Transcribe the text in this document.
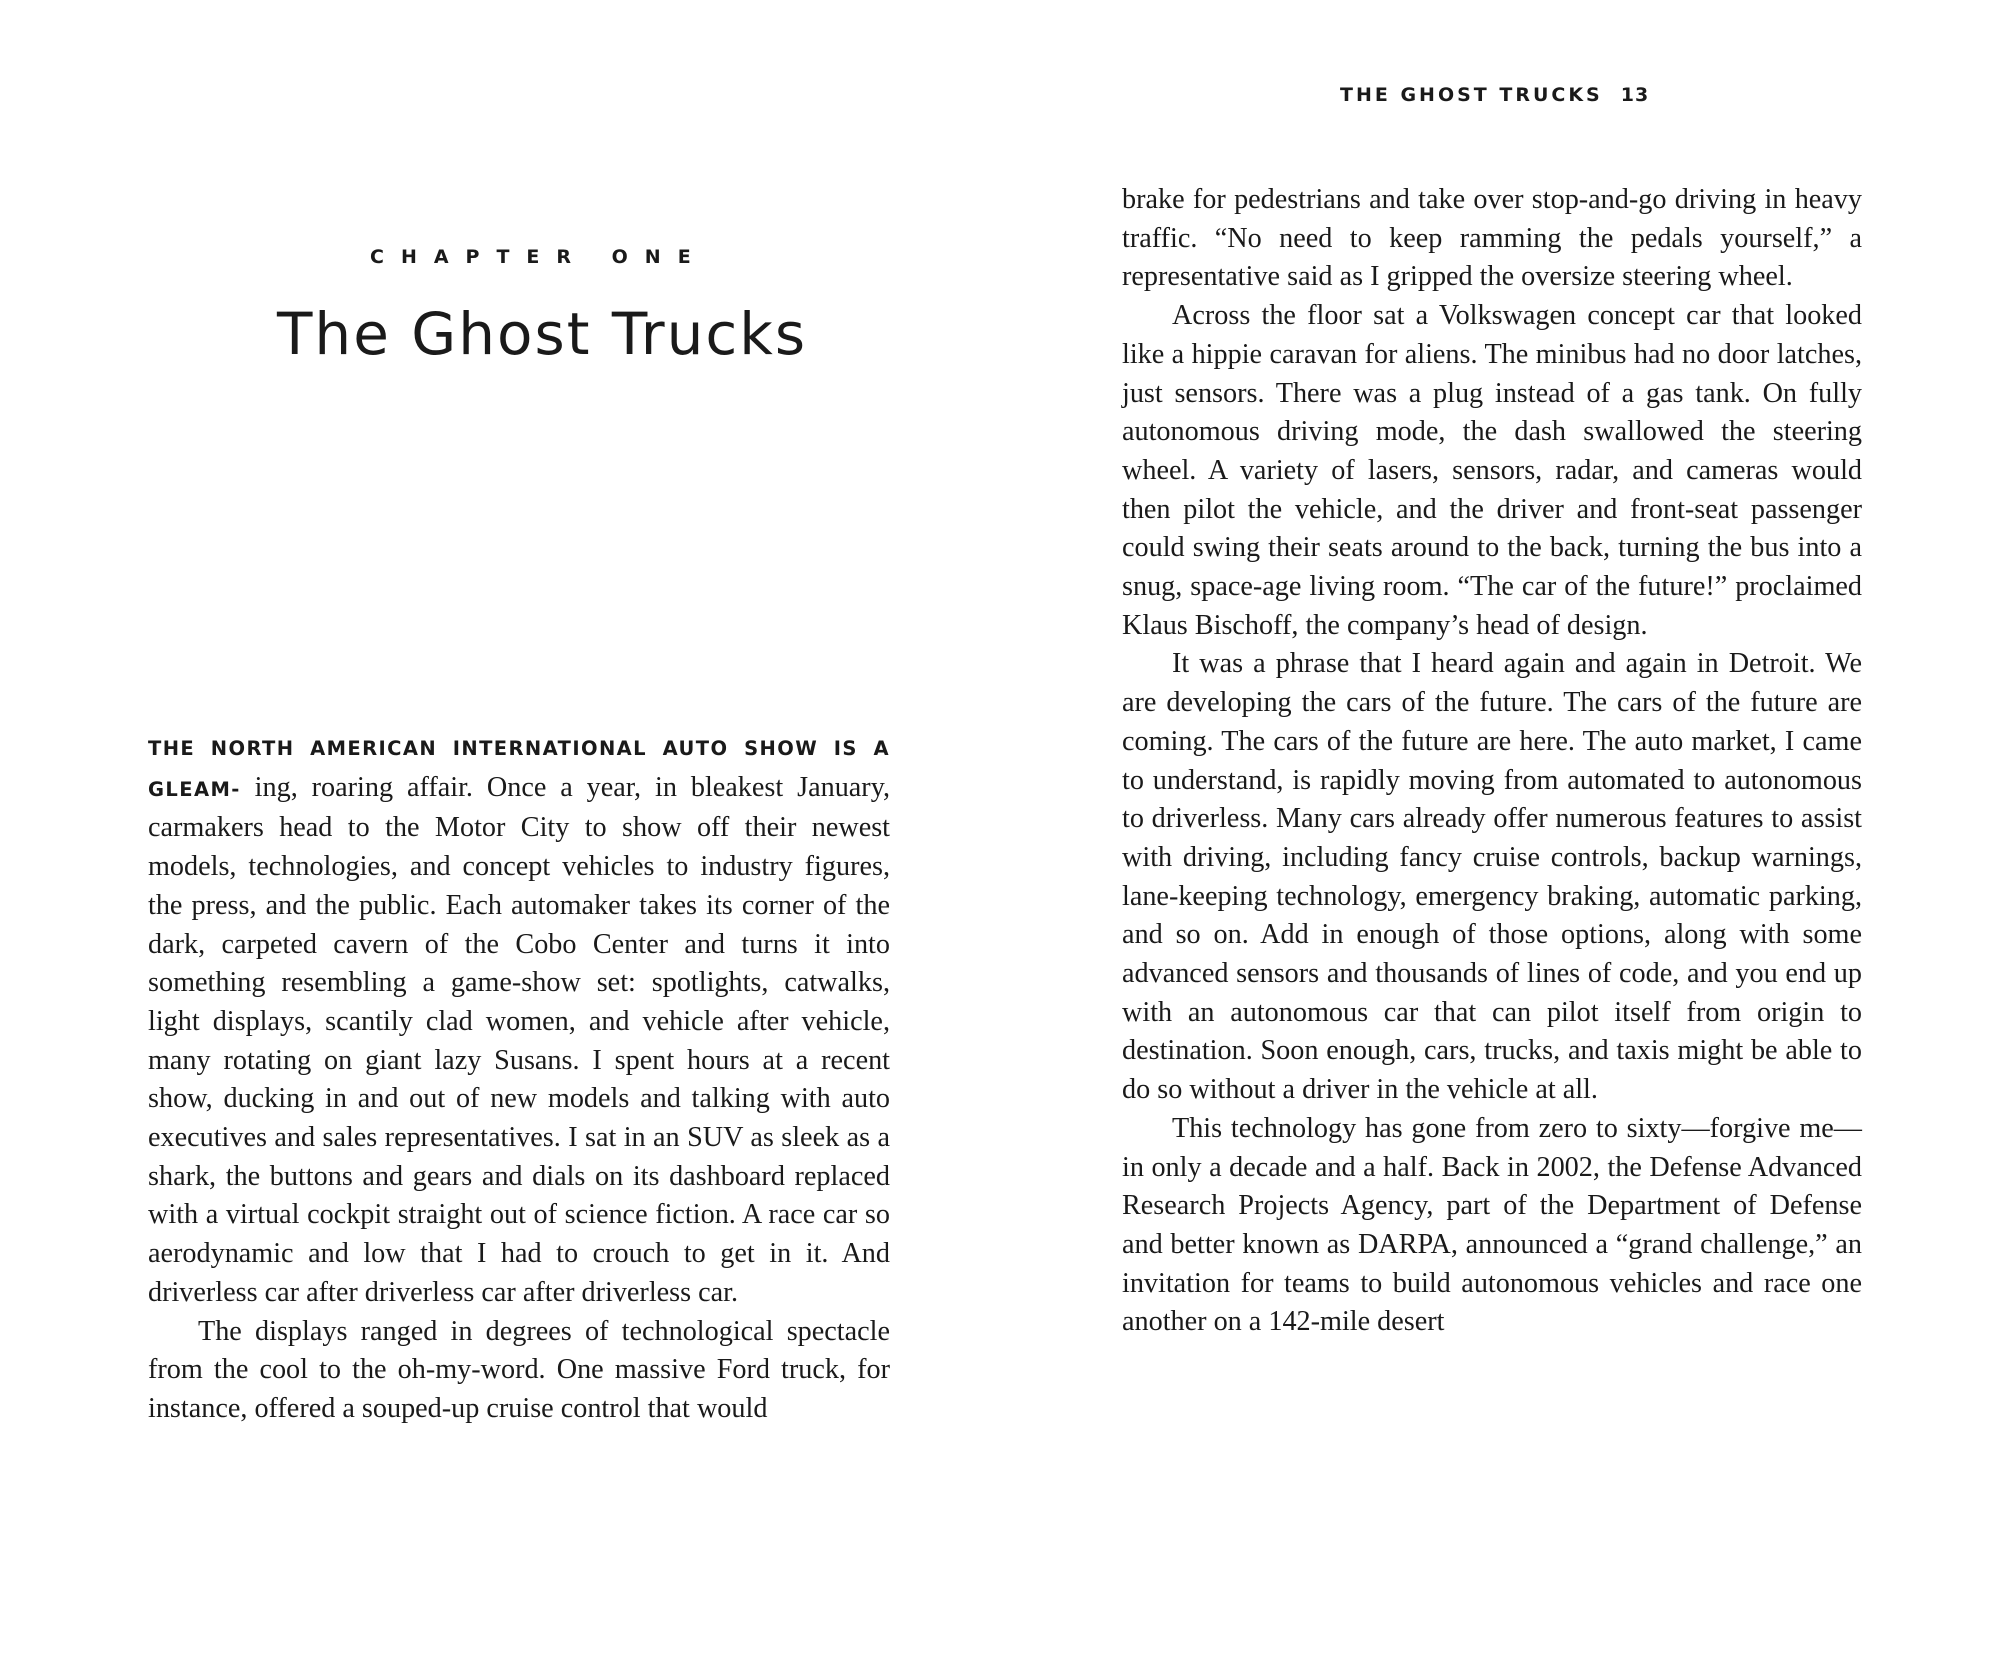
CHAPTER ONE
The Ghost Trucks

THE NORTH AMERICAN INTERNATIONAL AUTO SHOW IS A GLEAM- ing, roaring affair. Once a year, in bleakest January, carmakers head to the Motor City to show off their newest models, technologies, and concept vehicles to industry figures, the press, and the public. Each automaker takes its corner of the dark, carpeted cavern of the Cobo Center and turns it into something resembling a game-show set: spotlights, catwalks, light displays, scantily clad women, and vehicle after vehicle, many rotating on giant lazy Susans. I spent hours at a recent show, ducking in and out of new models and talking with auto executives and sales representatives. I sat in an SUV as sleek as a shark, the buttons and gears and dials on its dashboard replaced with a virtual cockpit straight out of science fiction. A race car so aerodynamic and low that I had to crouch to get in it. And driverless car after driverless car after driverless car.

The displays ranged in degrees of technological spectacle from the cool to the oh-my-word. One massive Ford truck, for instance, offered a souped-up cruise control that would

THE GHOST TRUCKS 13

brake for pedestrians and take over stop-and-go driving in heavy traffic. “No need to keep ramming the pedals yourself,” a representative said as I gripped the oversize steering wheel.

Across the floor sat a Volkswagen concept car that looked like a hippie caravan for aliens. The minibus had no door latches, just sensors. There was a plug instead of a gas tank. On fully autonomous driving mode, the dash swallowed the steering wheel. A variety of lasers, sensors, radar, and cameras would then pilot the vehicle, and the driver and front-seat passenger could swing their seats around to the back, turning the bus into a snug, space-age living room. “The car of the future!” proclaimed Klaus Bischoff, the company’s head of design.

It was a phrase that I heard again and again in Detroit. We are developing the cars of the future. The cars of the future are coming. The cars of the future are here. The auto market, I came to understand, is rapidly moving from automated to autonomous to driverless. Many cars already offer numerous features to assist with driving, including fancy cruise controls, backup warnings, lane-keeping technology, emergency braking, automatic parking, and so on. Add in enough of those options, along with some advanced sensors and thousands of lines of code, and you end up with an autonomous car that can pilot itself from origin to destination. Soon enough, cars, trucks, and taxis might be able to do so without a driver in the vehicle at all.

This technology has gone from zero to sixty—forgive me—in only a decade and a half. Back in 2002, the Defense Advanced Research Projects Agency, part of the Department of Defense and better known as DARPA, announced a “grand challenge,” an invitation for teams to build autonomous vehicles and race one another on a 142-mile desert
